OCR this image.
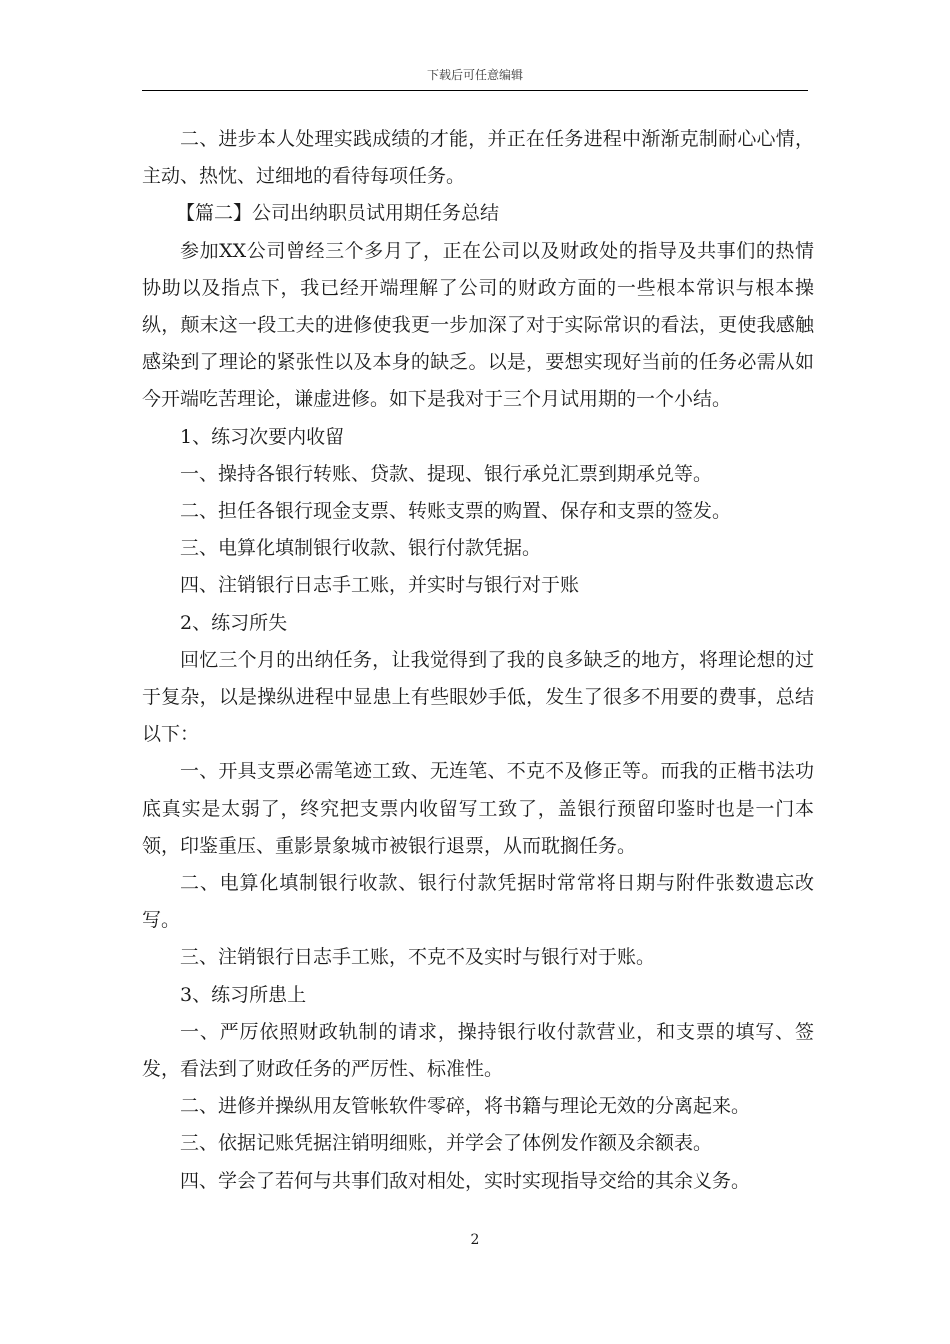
下载后可任意编辑

二、进步本人处理实践成绩的才能，并正在任务进程中渐渐克制耐心心情，主动、热忱、过细地的看待每项任务。

【篇二】公司出纳职员试用期任务总结

参加XX公司曾经三个多月了，正在公司以及财政处的指导及共事们的热情协助以及指点下，我已经开端理解了公司的财政方面的一些根本常识与根本操纵，颠末这一段工夫的进修使我更一步加深了对于实际常识的看法，更使我感触感染到了理论的紧张性以及本身的缺乏。以是，要想实现好当前的任务必需从如今开端吃苦理论，谦虚进修。如下是我对于三个月试用期的一个小结。

1、练习次要内收留

一、操持各银行转账、贷款、提现、银行承兑汇票到期承兑等。

二、担任各银行现金支票、转账支票的购置、保存和支票的签发。

三、电算化填制银行收款、银行付款凭据。

四、注销银行日志手工账，并实时与银行对于账

2、练习所失

回忆三个月的出纳任务，让我觉得到了我的良多缺乏的地方，将理论想的过于复杂，以是操纵进程中显患上有些眼妙手低，发生了很多不用要的费事，总结以下：

一、开具支票必需笔迹工致、无连笔、不克不及修正等。而我的正楷书法功底真实是太弱了，终究把支票内收留写工致了，盖银行预留印鉴时也是一门本领，印鉴重压、重影景象城市被银行退票，从而耽搁任务。

二、电算化填制银行收款、银行付款凭据时常常将日期与附件张数遗忘改写。

三、注销银行日志手工账，不克不及实时与银行对于账。

3、练习所患上

一、严厉依照财政轨制的请求，操持银行收付款营业，和支票的填写、签发，看法到了财政任务的严厉性、标准性。

二、进修并操纵用友管帐软件零碎，将书籍与理论无效的分离起来。

三、依据记账凭据注销明细账，并学会了体例发作额及余额表。

四、学会了若何与共事们敌对相处，实时实现指导交给的其余义务。

2
